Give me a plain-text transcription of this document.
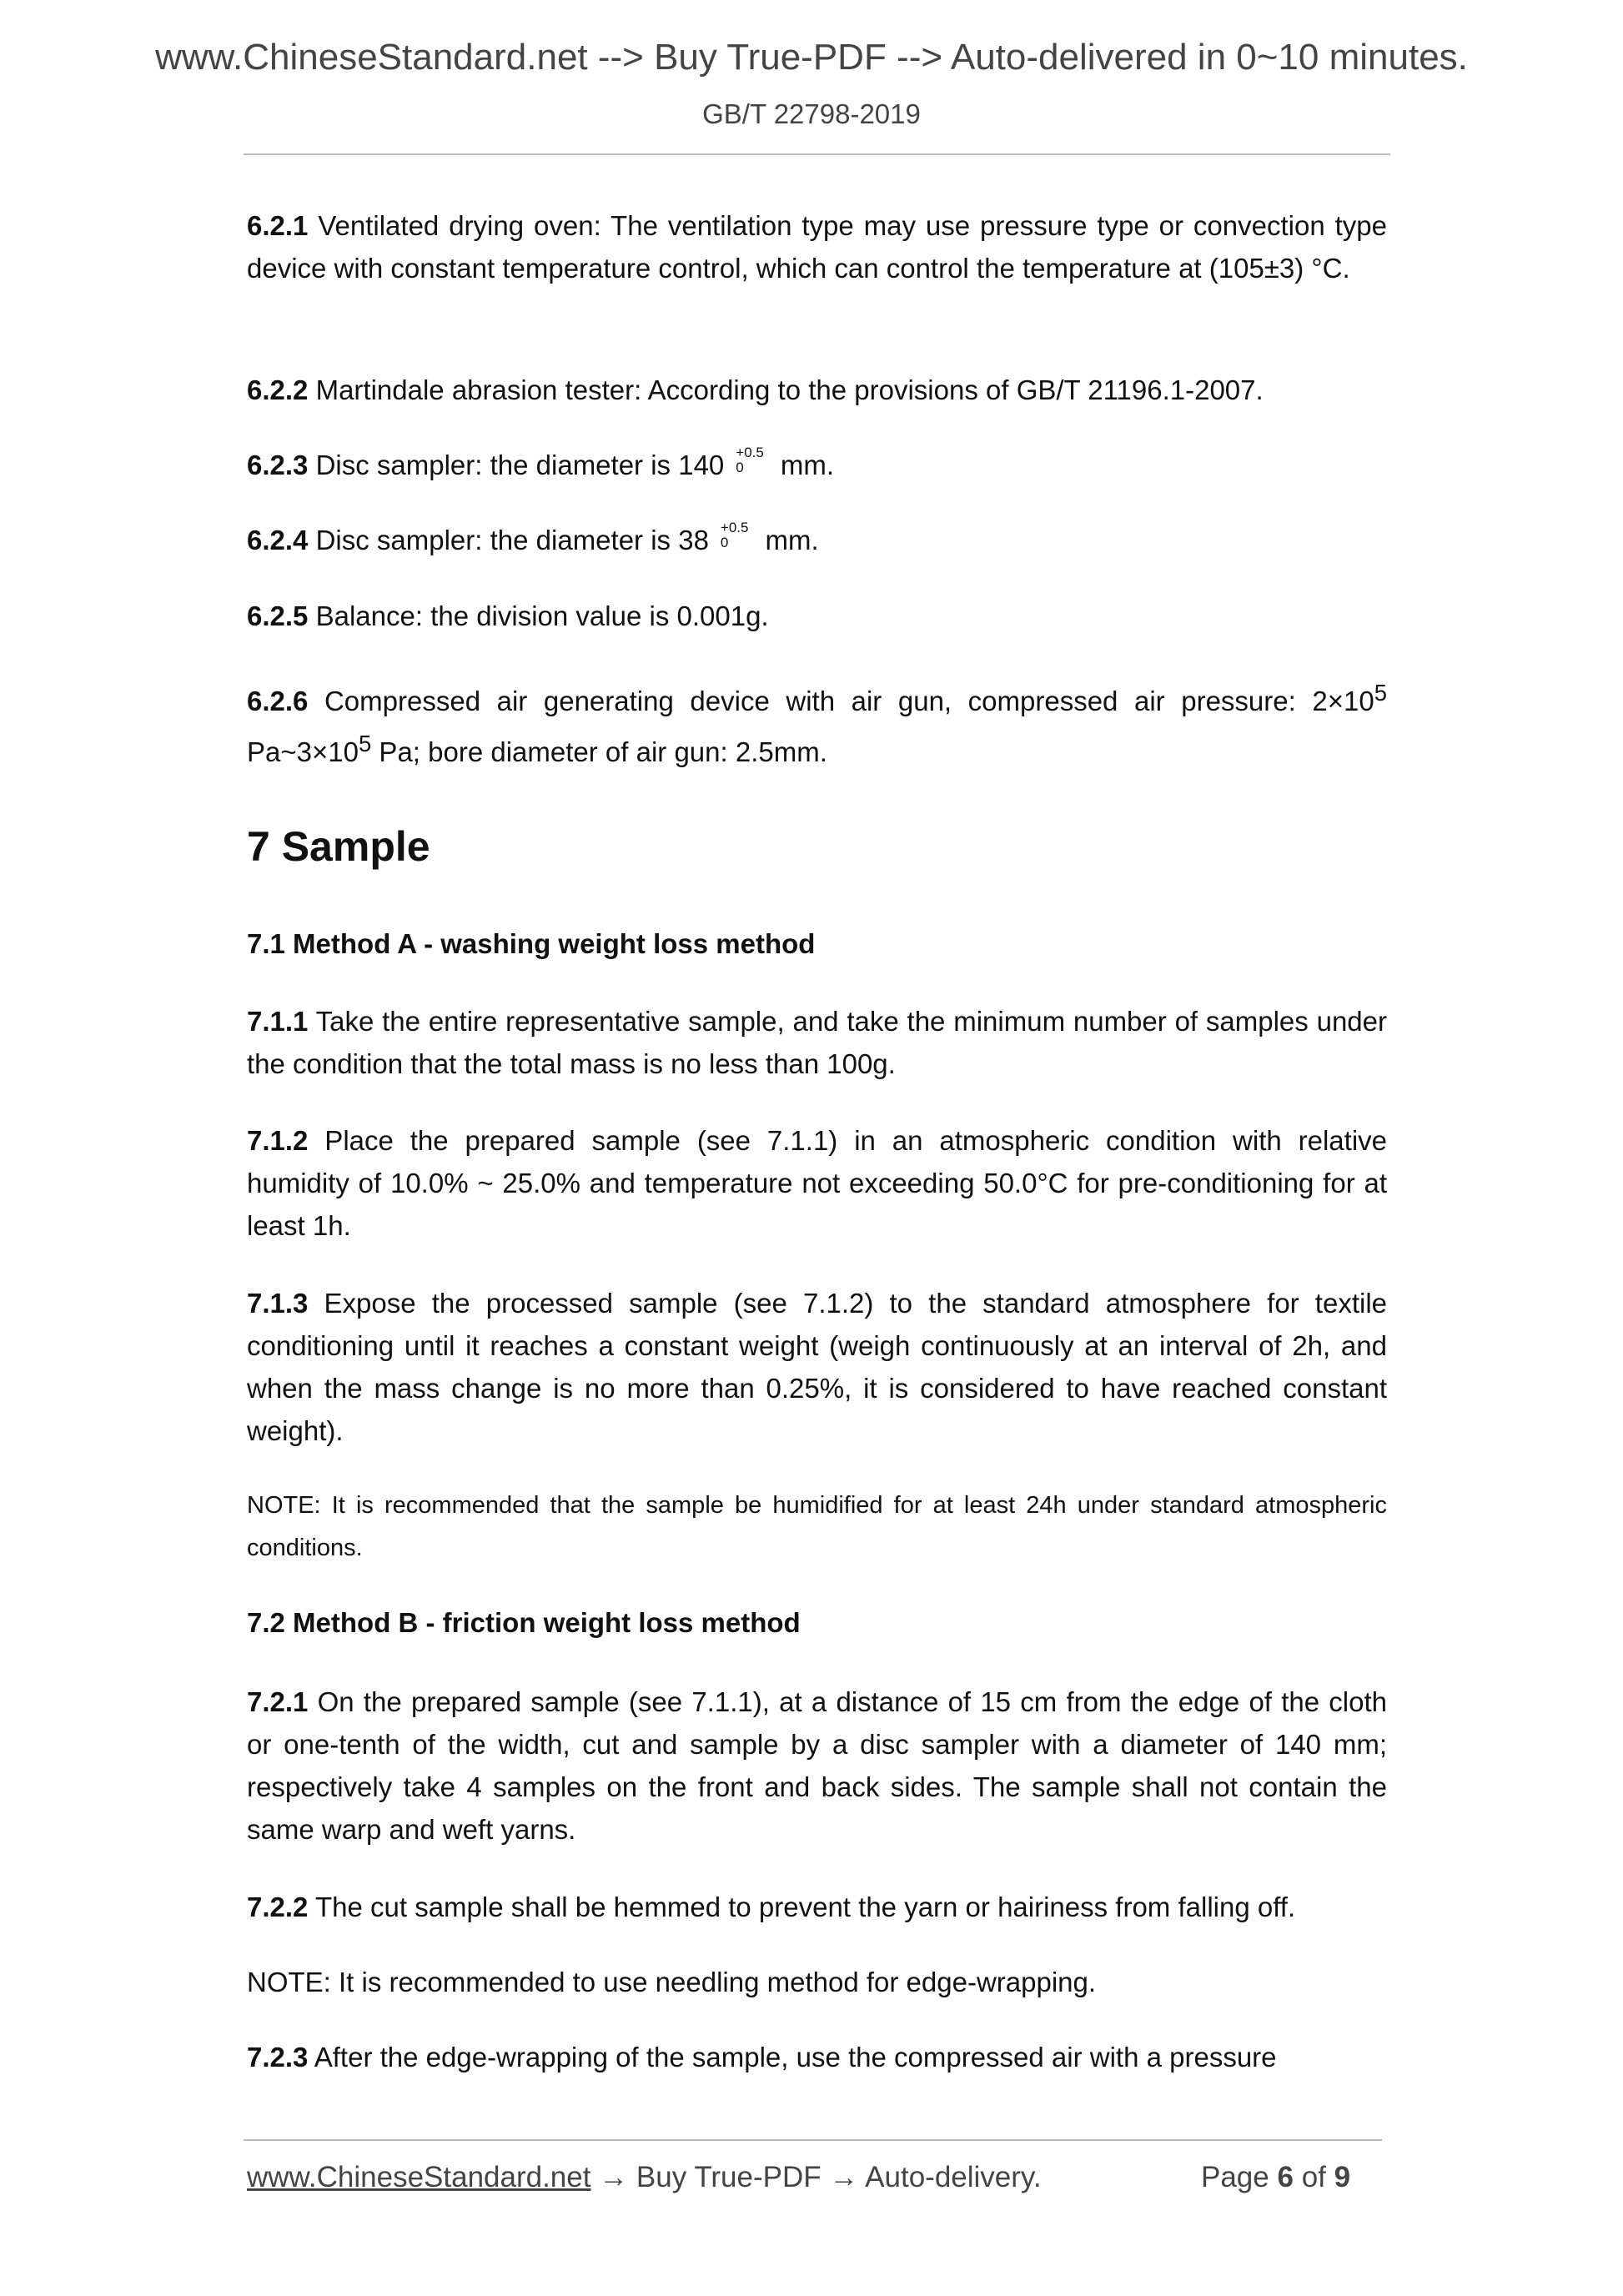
www.ChineseStandard.net --> Buy True-PDF --> Auto-delivered in 0~10 minutes.
GB/T 22798-2019
6.2.1 Ventilated drying oven: The ventilation type may use pressure type or convection type device with constant temperature control, which can control the temperature at (105±3) °C.
6.2.2 Martindale abrasion tester: According to the provisions of GB/T 21196.1-2007.
6.2.3 Disc sampler: the diameter is 140 +0.5
0 mm.
6.2.4 Disc sampler: the diameter is 38 +0.5
0 mm.
6.2.5 Balance: the division value is 0.001g.
6.2.6 Compressed air generating device with air gun, compressed air pressure: $2\times 10^5$ $Pa\sim 3\times 10^5$ Pa; bore diameter of air gun: 2.5mm.
7 Sample
7.1 Method A - washing weight loss method
7.1.1 Take the entire representative sample, and take the minimum number of samples under the condition that the total mass is no less than 100g.
7.1.2 Place the prepared sample (see 7.1.1) in an atmospheric condition with relative humidity of 10.0% ~ 25.0% and temperature not exceeding 50.0°C for pre-conditioning for at least 1h.
7.1.3 Expose the processed sample (see 7.1.2) to the standard atmosphere for textile conditioning until it reaches a constant weight (weigh continuously at an interval of 2h, and when the mass change is no more than 0.25%, it is considered to have reached constant weight).
NOTE: It is recommended that the sample be humidified for at least 24h under standard atmospheric conditions.
7.2 Method B - friction weight loss method
7.2.1 On the prepared sample (see 7.1.1), at a distance of 15 cm from the edge of the cloth or one-tenth of the width, cut and sample by a disc sampler with a diameter of 140 mm; respectively take 4 samples on the front and back sides. The sample shall not contain the same warp and weft yarns.
7.2.2 The cut sample shall be hemmed to prevent the yarn or hairiness from falling off.
NOTE: It is recommended to use needling method for edge-wrapping.
7.2.3 After the edge-wrapping of the sample, use the compressed air with a pressure
www.ChineseStandard.net → Buy True-PDF → Auto-delivery.	Page 6 of 9
